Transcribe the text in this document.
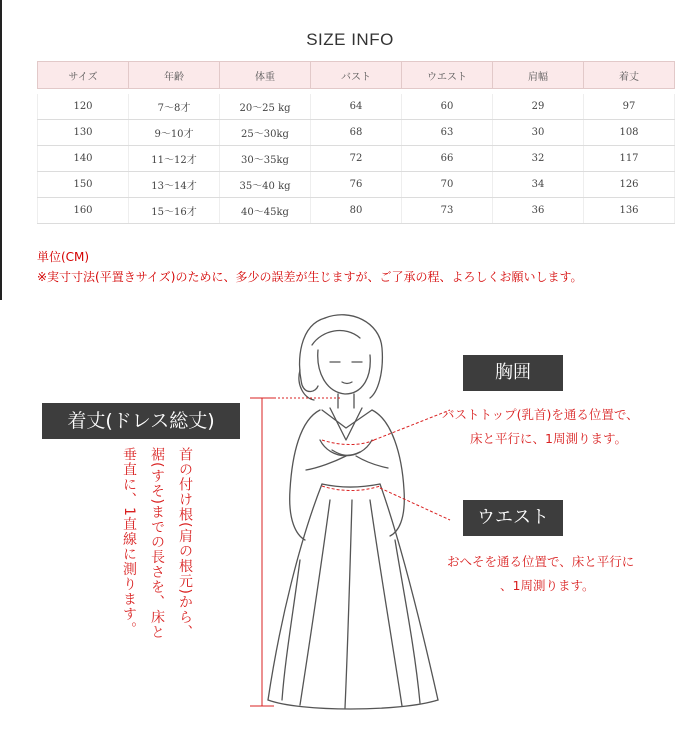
SIZE INFO
サイズ	年齢	体重	バスト	ウエスト	肩幅	着丈

120	7〜8才	20〜25 kg	64	60	29	97
130	9〜10才	25〜30kg	68	63	30	108
140	11〜12才	30〜35kg	72	66	32	117
150	13〜14才	35〜40 kg	76	70	34	126
160	15〜16才	40〜45kg	80	73	36	136
単位(CM)
※実寸寸法(平置きサイズ)のために、多少の誤差が生じますが、ご了承の程、よろしくお願いします。
着丈(ドレス総丈)
首の付け根(肩の根元)から、
裾(すそ)までの長さを、床と
垂直に、1直線に測ります。
胸囲
バストトップ(乳首)を通る位置で、
床と平行に、1周測ります。
ウエスト
おへそを通る位置で、床と平行に
、1周測ります。
